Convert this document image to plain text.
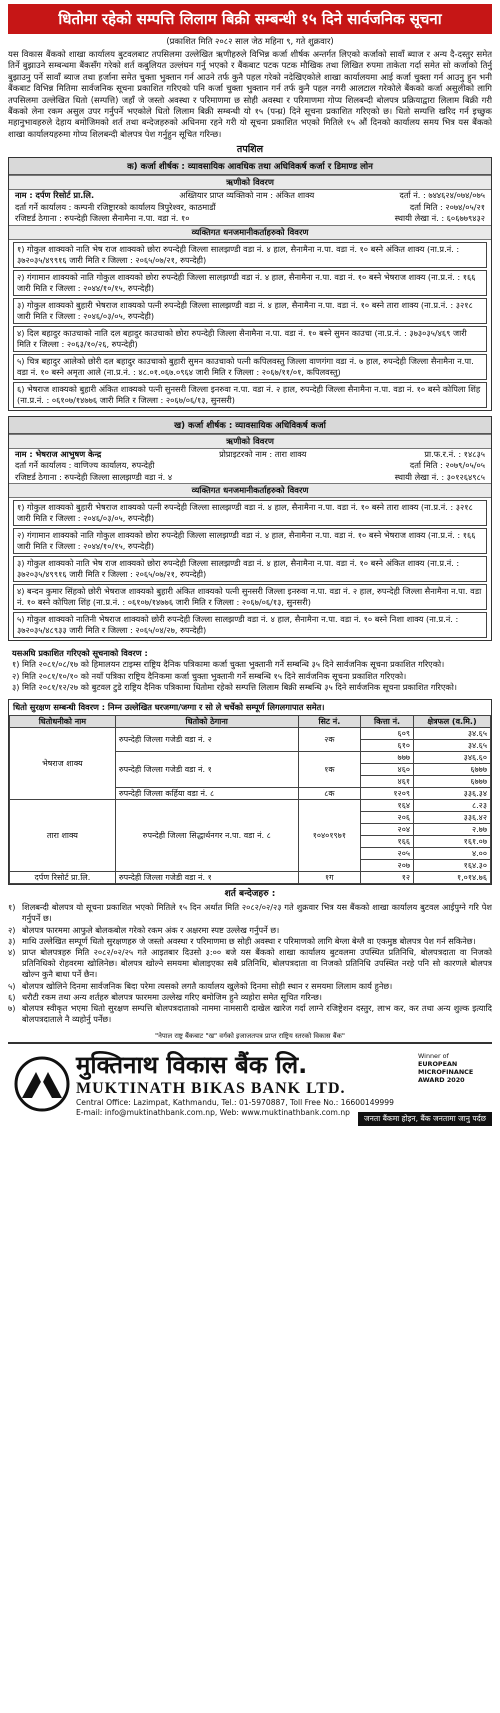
धितोमा रहेको सम्पत्ति लिलाम बिक्री सम्बन्धी १५ दिने सार्वजनिक सूचना
(प्रकाशित मिति २०८२ साल जेठ महिना ९, गते शुक्रवार)
यस विकास बैंकको शाखा कार्यालय बुटवलबाट तपसिलमा उल्लेखित ऋणीहरुले विभिन्न कर्जा शीर्षक अन्तर्गत लिएको कर्जाको सावाँ ब्याज र अन्य दै-दस्तुर समेत तिर्ने बुझाउने सम्बन्धमा बैंकसँग गरेको शर्त कबुलियत उल्लंघन गर्नु भएको र बैंकबाट पटक पटक मौखिक तथा लिखित रुपमा ताकेता गर्दा समेत सो कर्जाको तिर्नु बुझाउनु पर्ने सावाँ ब्याज तथा हर्जाना समेत चुक्ता भुक्तान गर्न आउने तर्फ कुनै पहल गरेको नदेखिएकोले शाखा कार्यालयमा आई कर्जा चुक्ता गर्न आउनु हुन भनी बैंकबाट विभिन्न मितिमा सार्वजनिक सूचना प्रकाशित गरिएको पनि कर्जा चुक्ता भुक्तान गर्न तर्फ कुनै पहल नगरी आलटाल गरेकोले बैंकको कर्जा असुलीको लागि तपसिलमा उल्लेखित धितो (सम्पत्ति) जहाँ जे जस्तो अवस्था र परिमाणमा छ सोही अवस्था र परिमाणमा गोप्य शिलबन्दी बोलपत्र प्रक्रियाद्वारा लिलाम बिक्री गरी बैंकको लेना रकम असुल उपर गर्नुपर्ने भएकोले धितो लिलाम बिक्री सम्बन्धी यो १५ (पन्ध्र) दिने सूचना प्रकाशित गरिएको छ। धितो सम्पत्ति खरिद गर्न इच्छुक महानुभावहरुले देहाय बमोजिमको शर्त तथा बन्देजहरुको अधिनमा रहने गरी यो सूचना प्रकाशित भएको मितिले १५ औं दिनको कार्यालय समय भित्र यस बैंकको शाखा कार्यालयहरुमा गोप्य शिलबन्दी बोलपत्र पेश गर्नुहुन सूचित गरिन्छ।
तपशिल
क) कर्जा शीर्षक : व्यावसायिक आवधिक तथा अधिविकर्ष कर्जा र डिमाण्ड लोन
ऋणीको विवरण
नाम : दर्पण रिसोर्ट प्रा.लि.	अख्तियार प्राप्त व्यक्तिको नाम : अंकित शाक्य	दर्ता नं. : ७४४६२४/०७४/०७५
दर्ता गर्ने कार्यालय : कम्पनी रजिष्ट्रारको कार्यालय त्रिपुरेश्वर, काठमाडौं	दर्ता मिति : २०७४/०५/२१
रजिष्टर्ड ठेगाना : रुपन्देही जिल्ला सैनामैना न.पा. वडा नं. १०	स्थायी लेखा नं. : ६०६७७९४३२
व्यक्तिगत धनजमानीकर्ताहरुको विवरण
१) गोकुल शाक्यको नाति भेष राज शाक्यको छोरा रुपन्देही जिल्ला सालझण्डी वडा नं. ४ हाल, सैनामैना न.पा. वडा नं. १० बस्ने अंकित शाक्य (ना.प्र.नं. : ३७२०३५/४९९१६ जारी मिति र जिल्ला : २०६५/०७/२१, रुपन्देही)
२) गंगामान शाक्यको नाति गोकुल शाक्यको छोरा रुपन्देही जिल्ला सालझण्डी वडा नं. ४ हाल, सैनामैना न.पा. वडा नं. १० बस्ने भेषराज शाक्य (ना.प्र.नं. : १६६ जारी मिति र जिल्ला : २०४४/१०/१५, रुपन्देही)
३) गोकुल शाक्यको बुहारी भेषराज शाक्यको पत्नी रुपन्देही जिल्ला सालझण्डी वडा नं. ४ हाल, सैनामैना न.पा. वडा नं. १० बस्ने तारा शाक्य (ना.प्र.नं. : ३२१८ जारी मिति र जिल्ला : २०४६/०३/०५, रुपन्देही)
४) दिल बहादुर काउचाको नाति दल बहादुर काउचाको छोरा रुपन्देही जिल्ला सैनामैना न.पा. वडा नं. १० बस्ने सुमन काउचा (ना.प्र.नं. : ३७३०३५/४६९ जारी मिति र जिल्ला : २०६३/१०/२६, रुपन्देही)
५) चित्र बहादुर आलेको छोरी दल बहादुर काउचाको बुहारी सुमन काउचाको पत्नी कपिलवस्तु जिल्ला वाणगंगा वडा नं. ७ हाल, रुपन्देही जिल्ला सैनामैना न.पा. वडा नं. १० बस्ने अमृता आले (ना.प्र.नं. : ४८.०१.०६७.०९६४ जारी मिति र जिल्ला : २०६७/११/०१, कपिलवस्तु)
६) भेषराज शाक्यको बुहारी अंकित शाक्यको पत्नी सुनसरी जिल्ला इनरुवा न.पा. वडा नं. २ हाल, रुपन्देही जिल्ला सैनामैना न.पा. वडा नं. १० बस्ने कोपिला शिंह (ना.प्र.नं. : ०६१०७/१४७७६ जारी मिति र जिल्ला : २०६७/०६/१३, सुनसरी)
ख) कर्जा शीर्षक : व्यावसायिक अधिविकर्ष कर्जा
ऋणीको विवरण
नाम : भेषराज आभुषण केन्द्र	प्रोप्राइटरको नाम : तारा शाक्य	प्रा.फ.र.नं. : १४८३५
दर्ता गर्ने कार्यालय : वाणिज्य कार्यालय, रुपन्देही	दर्ता मिति : २०७९/०५/०५
रजिष्टर्ड ठेगाना : रुपन्देही जिल्ला सालझण्डी वडा नं. ४	स्थायी लेखा नं. : ३०१२६४९८५
व्यक्तिगत धनजमानीकर्ताहरुको विवरण
१) गोकुल शाक्यको बुहारी भेषराज शाक्यको पत्नी रुपन्देही जिल्ला सालझण्डी वडा नं. ४ हाल, सैनामैना न.पा. वडा नं. १० बस्ने तारा शाक्य (ना.प्र.नं. : ३२१८ जारी मिति र जिल्ला : २०४६/०३/०५, रुपन्देही)
२) गंगामान शाक्यको नाति गोकुल शाक्यको छोरा रुपन्देही जिल्ला सालझण्डी वडा नं. ४ हाल, सैनामैना न.पा. वडा नं. १० बस्ने भेषराज शाक्य (ना.प्र.नं. : १६६ जारी मिति र जिल्ला : २०४४/१०/१५, रुपन्देही)
३) गोकुल शाक्यको नाति भेष राज शाक्यको छोरा रुपन्देही जिल्ला सालझण्डी वडा नं. ४ हाल, सैनामैना न.पा. वडा नं. १० बस्ने अंकित शाक्य (ना.प्र.नं. : ३७२०३५/४९९१६ जारी मिति र जिल्ला : २०६५/०७/२१, रुपन्देही)
४) बन्दन कुमार सिंहको छोरी भेषराज शाक्यको बुहारी अंकित शाक्यको पत्नी सुनसरी जिल्ला इनरुवा न.पा. वडा नं. २ हाल, रुपन्देही जिल्ला सैनामैना न.पा. वडा नं. १० बस्ने कोपिला शिंह (ना.प्र.नं. : ०६१०७/१४७७६ जारी मिति र जिल्ला : २०६७/०६/१३, सुनसरी)
५) गोकुल शाक्यको नातिनी भेषराज शाक्यको छोरी रुपन्देही जिल्ला सालझण्डी वडा नं. ४ हाल, सैनामैना न.पा. वडा नं. १० बस्ने निशा शाक्य (ना.प्र.नं. : ३७२०३५/४८९३३ जारी मिति र जिल्ला : २०६५/०४/२७, रुपन्देही)
यसअघि प्रकाशित गरिएको सूचनाको विवरण :
१) मिति २०८१/०८/१७ को हिमालयन टाइम्स राष्ट्रिय दैनिक पत्रिकामा कर्जा चुक्ता भुक्तानी गर्ने सम्बन्धि ३५ दिने सार्वजनिक सूचना प्रकाशित गरिएको।
२) मिति २०८१/१०/१० को नयाँ पत्रिका राष्ट्रिय दैनिकमा कर्जा चुक्ता भुक्तानी गर्ने सम्बन्धि १५ दिने सार्वजनिक सूचना प्रकाशित गरिएको।
३) मिति २०८१/१२/२७ को बुटवल टुडे राष्ट्रिय दैनिक पत्रिकामा धितोमा रहेको सम्पत्ति लिलाम बिक्री सम्बन्धि ३५ दिने सार्वजनिक सूचना प्रकाशित गरिएको।
धितो सुरक्षण सम्बन्धी विवरण : निम्न उल्लेखित घरजग्गा/जग्गा र सो ले चर्चेको सम्पूर्ण लिगलगापात समेत।
धितोधनीको नाम	धितोको ठेगाना	सिट नं.	कित्ता नं.	क्षेत्रफल (व.मि.)
भेषराज शाक्य	रुपन्देही जिल्ला गजेडी वडा नं. २	२क	६०९	३४.६५
			६१०	३४.६५
	रुपन्देही जिल्ला गजेडी वडा नं. १	१क	७७७	३४६.६०
			४६०	६७७७
			४६१	६७७७
	रुपन्देही जिल्ला कर्हिया वडा नं. ८	८क	१२०९	३३६.३४
तारा शाक्य	रुपन्देही जिल्ला सिद्धार्थनगर न.पा. वडा नं. ८	१०४०१९७१	१६४	८.२३
			२०६	३३६.४२
			२०४	२.७७
			१६६	१६१.०७
			२०५	४.००
			२०७	१६४.३०
दर्पण रिसोर्ट प्रा.लि.	रुपन्देही जिल्ला गजेडी वडा नं. १	१ग	१२	१,०१४.७६
शर्त बन्देजहरु :
१) शिलबन्दी बोलपत्र यो सूचना प्रकाशित भएको मितिले १५ दिन अर्थात मिति २०८२/०२/२३ गते शुक्रवार भित्र यस बैंकको शाखा कार्यालय बुटवल आईपुग्ने गरि पेश गर्नुपर्ने छ।
२) बोलपत्र फारममा आफुले बोलकबोल गरेको रकम अंक र अक्षरमा स्पष्ट उल्लेख गर्नुपर्ने छ।
३) माथि उल्लेखित सम्पूर्ण धितो सुरक्षणहरु जे जस्तो अवस्था र परिमाणमा छ सोही अवस्था र परिमाणको लागि बेग्ला बेग्लै वा एकमुष्ठ बोलपत्र पेश गर्न सकिनेछ।
४) प्राप्त बोलपत्रहरु मिति २०८२/०२/२५ गते आइतबार दिउसो ३:०० बजे यस बैंकको शाखा कार्यालय बुटवलमा उपस्थित प्रतिनिधि, बोलपत्रदाता वा निजको प्रतिनिधिको रोहवरमा खोलिनेछ। बोलपत्र खोल्ने समयमा बोलाइएका सबै प्रतिनिधि, बोलपत्रदाता वा निजको प्रतिनिधि उपस्थित नरहे पनि सो कारणले बोलपत्र खोल्न कुनै बाधा पर्ने छैन।
५) बोलपत्र खोलिने दिनमा सार्वजनिक बिदा परेमा त्यसको लगतै कार्यालय खुलेको दिनमा सोही स्थान र समयमा लिलाम कार्य हुनेछ।
६) धरौटी रकम तथा अन्य शर्तहरु बोलपत्र फारममा उल्लेख गरिए बमोजिम हुने व्यहोरा समेत सूचित गरिन्छ।
७) बोलपत्र स्वीकृत भएमा धितो सुरक्षण सम्पत्ति बोलपत्रदाताको नाममा नामसारी दाखेल खारेज गर्दा लाग्ने रजिष्ट्रेशन दस्तुर, लाभ कर, कर तथा अन्य शुल्क इत्यादि बोलपत्रदाताले नै व्यहोर्नु पर्नेछ।
"नेपाल राष्ट्र बैंकबाट "ख" वर्गको इजाजतपत्र प्राप्त राष्ट्रिय स्तरको विकास बैंक"
मुक्तिनाथ विकास बैंक लि.
MUKTINATH BIKAS BANK LTD.
Central Office: Lazimpat, Kathmandu, Tel.: 01-5970887, Toll Free No.: 16600149999
E-mail: info@muktinathbank.com.np, Web: www.muktinathbank.com.np
Winner of
EUROPEAN
MICROFINANCE
AWARD 2020
जनता बैंकमा होइन, बैंक जनतामा जानु पर्दछ
